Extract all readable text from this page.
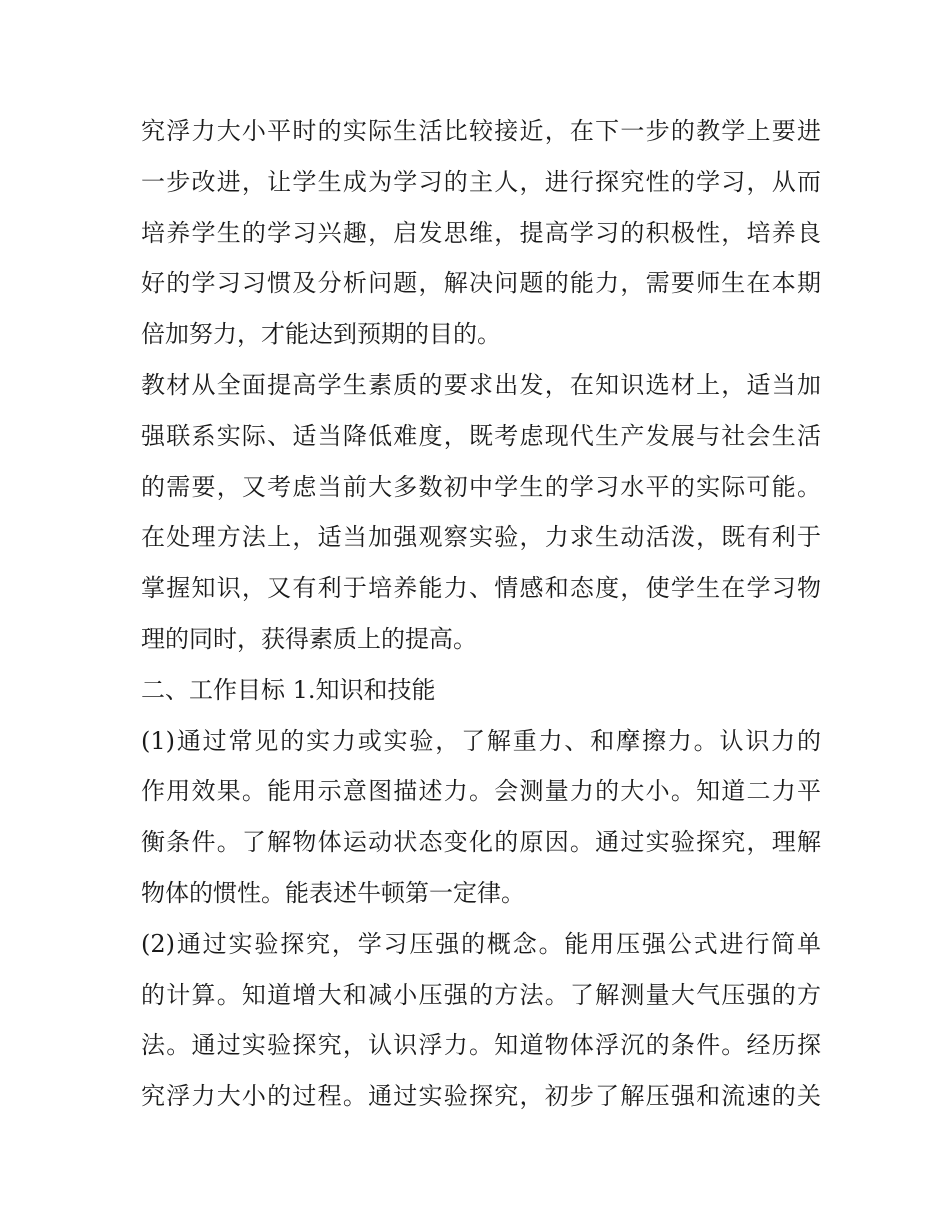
究浮力大小平时的实际生活比较接近，在下一步的教学上要进
一步改进，让学生成为学习的主人，进行探究性的学习，从而
培养学生的学习兴趣，启发思维，提高学习的积极性，培养良
好的学习习惯及分析问题，解决问题的能力，需要师生在本期
倍加努力，才能达到预期的目的。
教材从全面提高学生素质的要求出发，在知识选材上，适当加
强联系实际、适当降低难度，既考虑现代生产发展与社会生活
的需要，又考虑当前大多数初中学生的学习水平的实际可能。
在处理方法上，适当加强观察实验，力求生动活泼，既有利于
掌握知识，又有利于培养能力、情感和态度，使学生在学习物
理的同时，获得素质上的提高。
二、工作目标 1.知识和技能
(1)通过常见的实力或实验，了解重力、和摩擦力。认识力的
作用效果。能用示意图描述力。会测量力的大小。知道二力平
衡条件。了解物体运动状态变化的原因。通过实验探究，理解
物体的惯性。能表述牛顿第一定律。
(2)通过实验探究，学习压强的概念。能用压强公式进行简单
的计算。知道增大和减小压强的方法。了解测量大气压强的方
法。通过实验探究，认识浮力。知道物体浮沉的条件。经历探
究浮力大小的过程。通过实验探究，初步了解压强和流速的关
